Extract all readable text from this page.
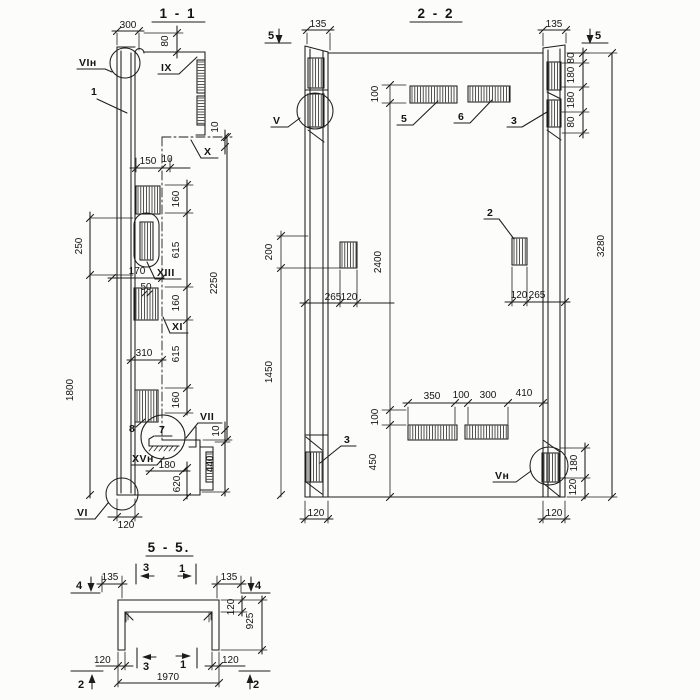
1 - 1
300
80
10
150 10
160
615
160
615
160
2250
250
1800
170
50
310
180
620
440
10
120
VIн
1
IX
X
XIII
XI
8 7
VII
XVн
VI
2 - 2
5	5
135	135
80
180
180
80
3280
100
2400
100
450
200
1450
265 120	120 265
350 100 300 410
180
120
120	120
V	5	6	3
2
3
Vн
5 - 5.
4	4
3	1
3	1
2	2
135	135
120
925
120	120
1970
